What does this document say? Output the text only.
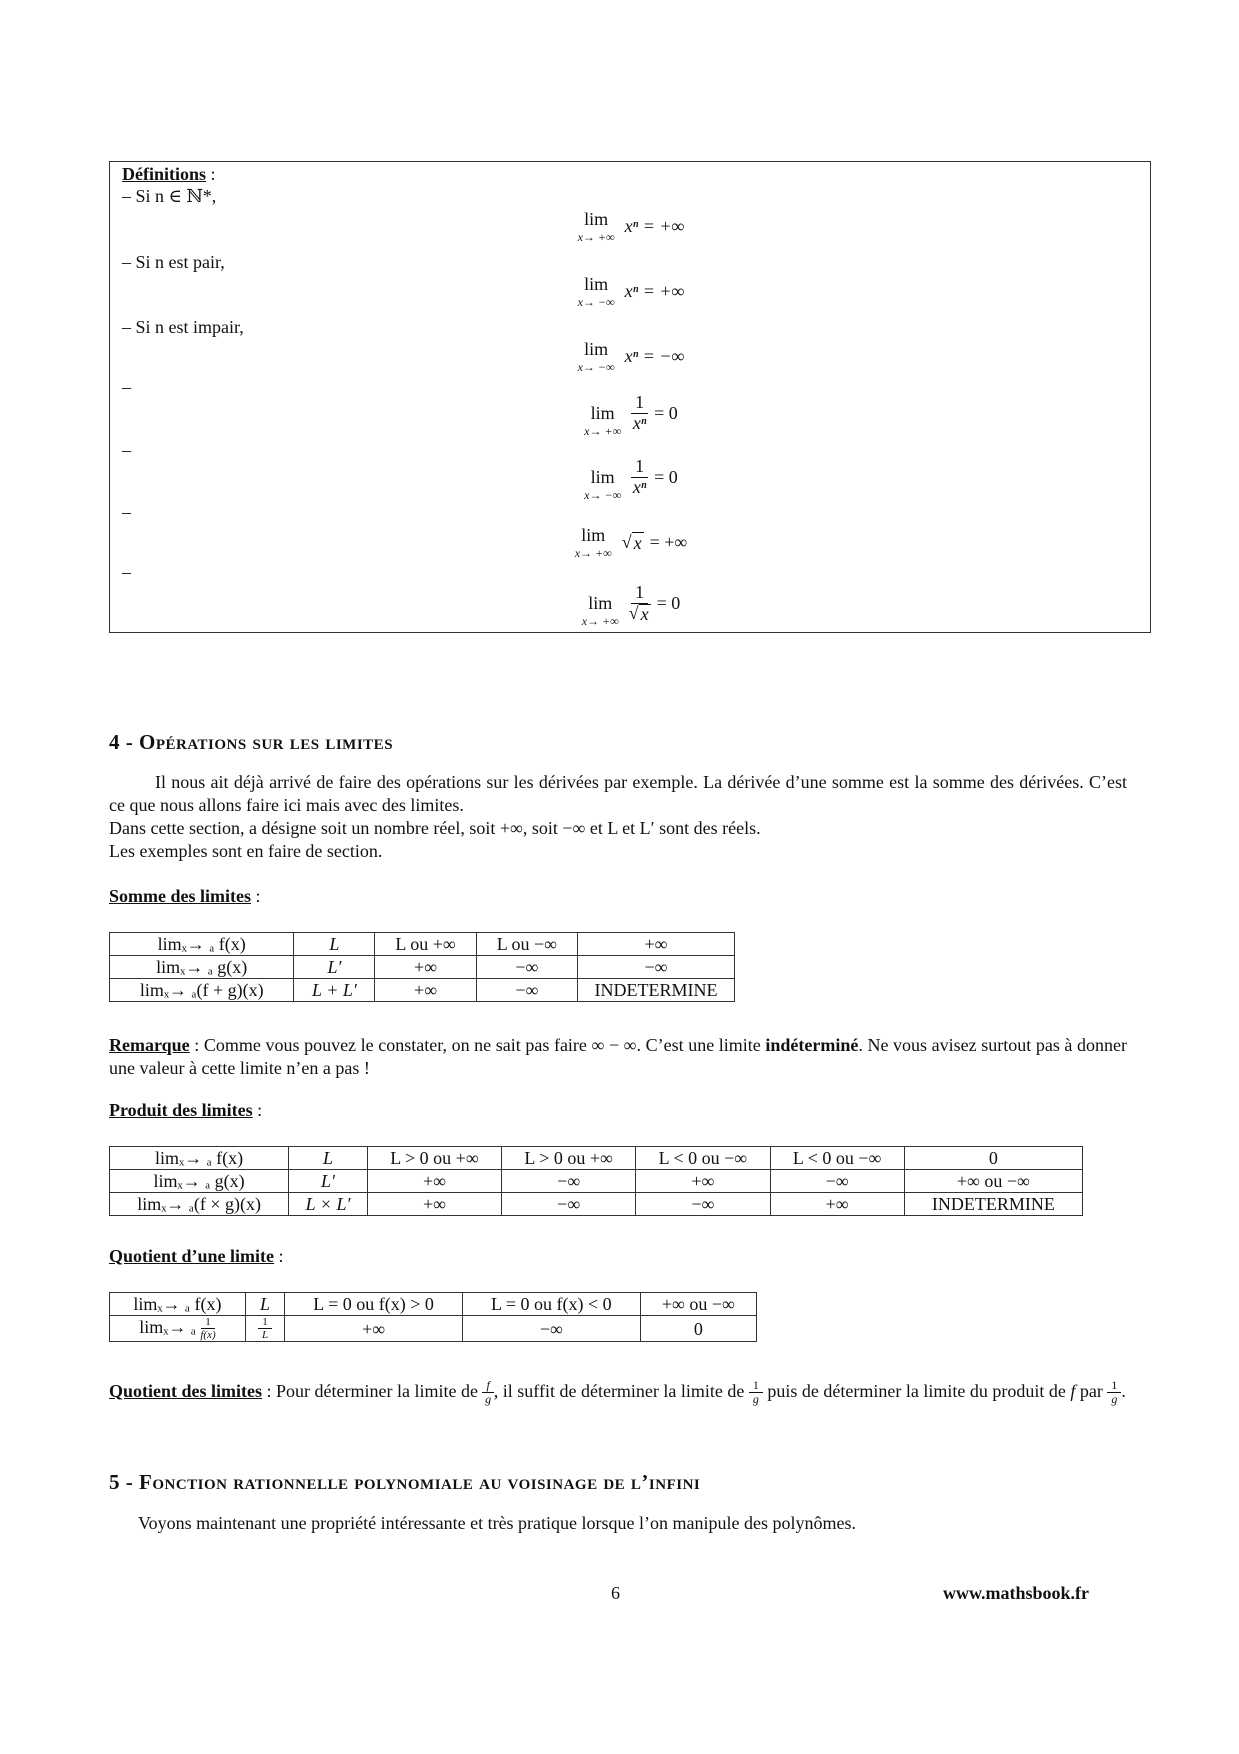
Définitions :
– Si n ∈ ℕ*,
lim
x→ +∞
xⁿ = +∞
– Si n est pair,
lim
x→ −∞
xⁿ = +∞
– Si n est impair,
lim
x→ −∞
xⁿ = −∞
–
lim
x→ +∞ $\frac{1}{\text{xⁿ}} = 0$
–
lim
x→ −∞ $\frac{1}{\text{xⁿ}} = 0$
–
lim
x→ +∞
√ x = +∞
–
lim
x→ +∞ $\frac{1}{√ x} = 0$
4 - Opérations sur les limites

Il nous ait déjà arrivé de faire des opérations sur les dérivées par exemple. La dérivée d’une somme est la somme des dérivées. C’est ce que nous allons faire ici mais avec des limites.

Dans cette section, a désigne soit un nombre réel, soit +∞, soit −∞ et L et L′ sont des réels.

Les exemples sont en faire de section.

Somme des limites :
limₓ→ ₐ f(x)	L	L ou +∞	L ou −∞	+∞
limₓ→ ₐ g(x)	L′	+∞	−∞	−∞
limₓ→ ₐ(f + g)(x)	L + L′	+∞	−∞	INDETERMINE

Remarque : Comme vous pouvez le constater, on ne sait pas faire ∞ − ∞. C’est une limite indéterminé. Ne vous avisez surtout pas à donner une valeur à cette limite n’en a pas !

Produit des limites :
limₓ→ ₐ f(x)	L	L > 0 ou +∞	L > 0 ou +∞	L < 0 ou −∞	L < 0 ou −∞	0
limₓ→ ₐ g(x)	L′	+∞	−∞	+∞	−∞	+∞ ou −∞
limₓ→ ₐ(f × g)(x)	L × L′	+∞	−∞	−∞	+∞	INDETERMINE
Quotient d’une limite :
limₓ→ ₐ f(x)	L	L = 0 ou f(x) > 0	L = 0 ou f(x) < 0	+∞ ou −∞
limₓ→ ₐ $\frac{1}{f(x)}$	$\frac{1}{L}$	+∞	−∞	0

Quotient des limites : Pour déterminer la limite de $\frac{f}{g}$ , il suffit de déterminer la limite de $\frac{1}{g}$ puis de déterminer la limite du produit de f par $\frac{1}{g}$ .

5 - Fonction rationnelle polynomiale au voisinage de l’infini

Voyons maintenant une propriété intéressante et très pratique lorsque l’on manipule des polynômes.

6	www.mathsbook.fr
